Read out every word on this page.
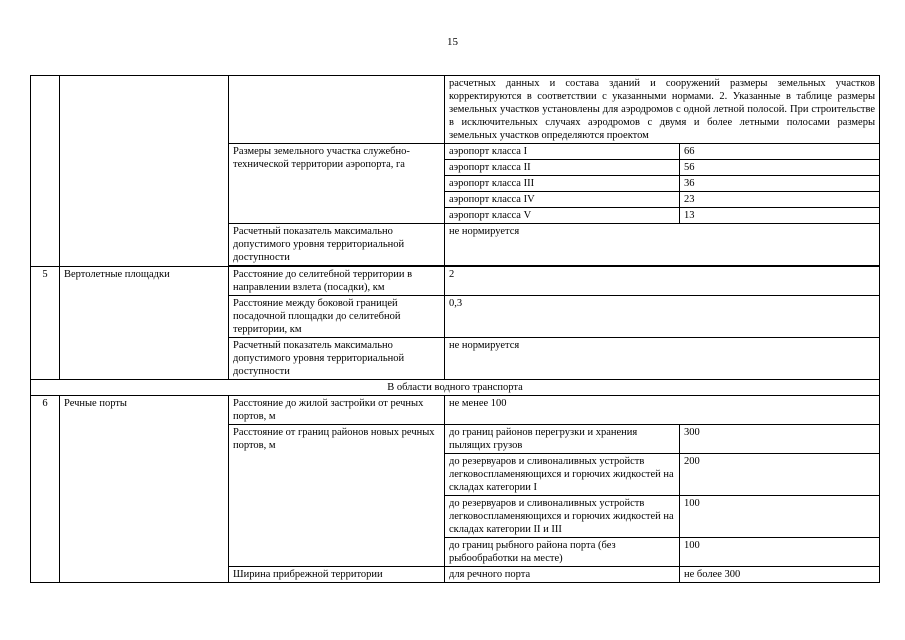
15
			расчетных данных и состава зданий и сооружений размеры земельных участков корректируются в соответствии с указанными нормами. 2. Указанные в таблице размеры земельных участков установлены для аэродромов с одной летной полосой. При строительстве в исключительных случаях аэродромов с двумя и более летными полосами размеры земельных участков определяются проектом	
		Размеры земельного участка служебно-технической территории аэропорта, га	аэропорт класса I	66
			аэропорт класса II	56
			аэропорт класса III	36
			аэропорт класса IV	23
			аэропорт класса V	13
		Расчетный показатель максимально допустимого уровня территориальной доступности	не нормируется	

5	Вертолетные площадки	Расстояние до селитебной территории в направлении взлета (посадки), км	2	
		Расстояние между боковой границей посадочной площадки до селитебной территории, км	0,3	
		Расчетный показатель максимально допустимого уровня территориальной доступности	не нормируется	
В области водного транспорта				
6	Речные порты	Расстояние до жилой застройки от речных портов, м	не менее 100	
		Расстояние от границ районов новых речных портов, м	до границ районов перегрузки и хранения пылящих грузов	300
			до резервуаров и сливоналивных устройств легковоспламеняющихся и горючих жидкостей на складах категории I	200
			до резервуаров и сливоналивных устройств легковоспламеняющихся и горючих жидкостей на складах категории II и III	100
			до границ рыбного района порта (без рыбообработки на месте)	100
		Ширина прибрежной территории	для речного порта	не более 300
